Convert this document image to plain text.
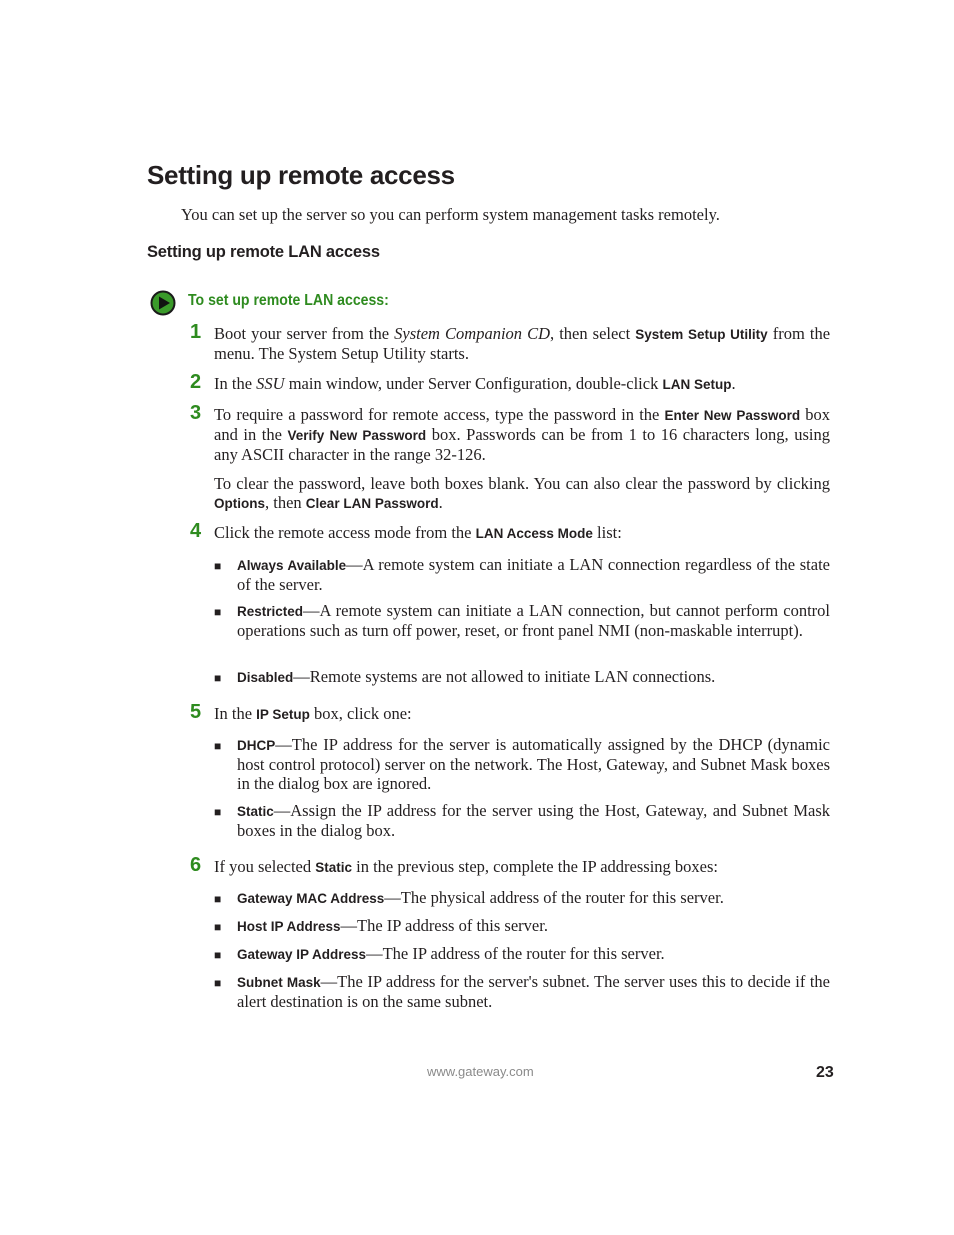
Setting up remote access
You can set up the server so you can perform system management tasks remotely.
Setting up remote LAN access
To set up remote LAN access:
1 Boot your server from the System Companion CD, then select System Setup Utility from the menu. The System Setup Utility starts.
2 In the SSU main window, under Server Configuration, double-click LAN Setup.
3 To require a password for remote access, type the password in the Enter New Password box and in the Verify New Password box. Passwords can be from 1 to 16 characters long, using any ASCII character in the range 32-126.
To clear the password, leave both boxes blank. You can also clear the password by clicking Options, then Clear LAN Password.
4 Click the remote access mode from the LAN Access Mode list:
■ Always Available—A remote system can initiate a LAN connection regardless of the state of the server.
■ Restricted—A remote system can initiate a LAN connection, but cannot perform control operations such as turn off power, reset, or front panel NMI (non-maskable interrupt).
■ Disabled—Remote systems are not allowed to initiate LAN connections.
5 In the IP Setup box, click one:
■ DHCP—The IP address for the server is automatically assigned by the DHCP (dynamic host control protocol) server on the network. The Host, Gateway, and Subnet Mask boxes in the dialog box are ignored.
■ Static—Assign the IP address for the server using the Host, Gateway, and Subnet Mask boxes in the dialog box.
6 If you selected Static in the previous step, complete the IP addressing boxes:
■ Gateway MAC Address—The physical address of the router for this server.
■ Host IP Address—The IP address of this server.
■ Gateway IP Address—The IP address of the router for this server.
■ Subnet Mask—The IP address for the server's subnet. The server uses this to decide if the alert destination is on the same subnet.
www.gateway.com	23
